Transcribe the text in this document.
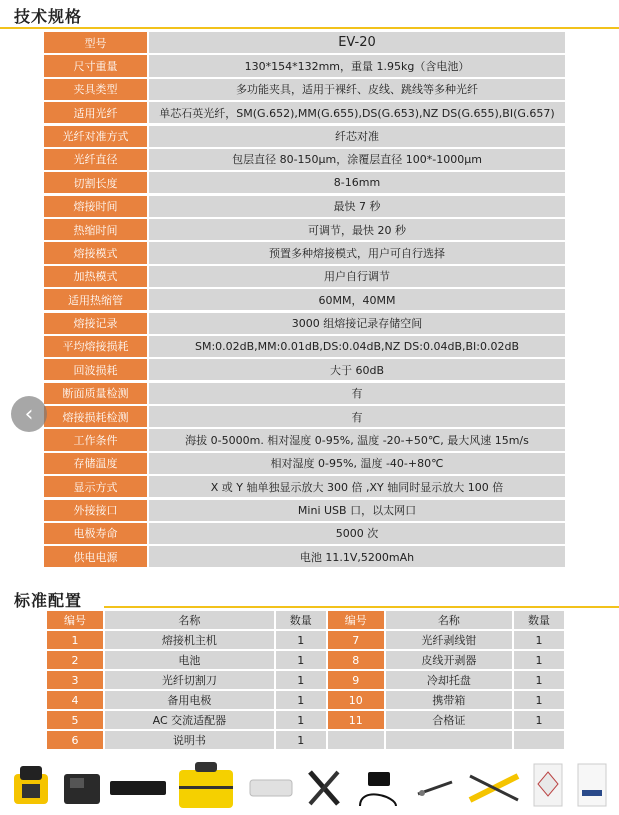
技术规格
型号	EV-20
尺寸重量	130*154*132mm，重量 1.95kg（含电池）
夹具类型	多功能夹具，适用于裸纤、皮线、跳线等多种光纤
适用光纤	单芯石英光纤，SM(G.652),MM(G.655),DS(G.653),NZ DS(G.655),BI(G.657)
光纤对准方式	纤芯对准
光纤直径	包层直径 80-150μm，涂覆层直径 100*-1000μm
切割长度	8-16mm
熔接时间	最快 7 秒
热缩时间	可调节，最快 20 秒
熔接模式	预置多种熔接模式，用户可自行选择
加热模式	用户自行调节
适用热缩管	60MM，40MM
熔接记录	3000 组熔接记录存储空间
平均熔接损耗	SM:0.02dB,MM:0.01dB,DS:0.04dB,NZ DS:0.04dB,BI:0.02dB
回波损耗	大于 60dB
断面质量检测	有
熔接损耗检测	有
工作条件	海拔 0-5000m. 相对湿度 0-95%, 温度 -20-+50℃, 最大风速 15m/s
存储温度	相对湿度 0-95%, 温度 -40-+80℃
显示方式	X 或 Y 轴单独显示放大 300 倍 ,XY 轴同时显示放大 100 倍
外接接口	Mini USB 口，以太网口
电极寿命	5000 次
供电电源	电池 11.1V,5200mAh
‹
标准配置
编号	名称	数量	编号	名称	数量
1	熔接机主机	1	7	光纤剥线钳	1
2	电池	1	8	皮线开剥器	1
3	光纤切割刀	1	9	冷却托盘	1
4	备用电极	1	10	携带箱	1
5	AC 交流适配器	1	11	合格证	1
6	说明书	1			
